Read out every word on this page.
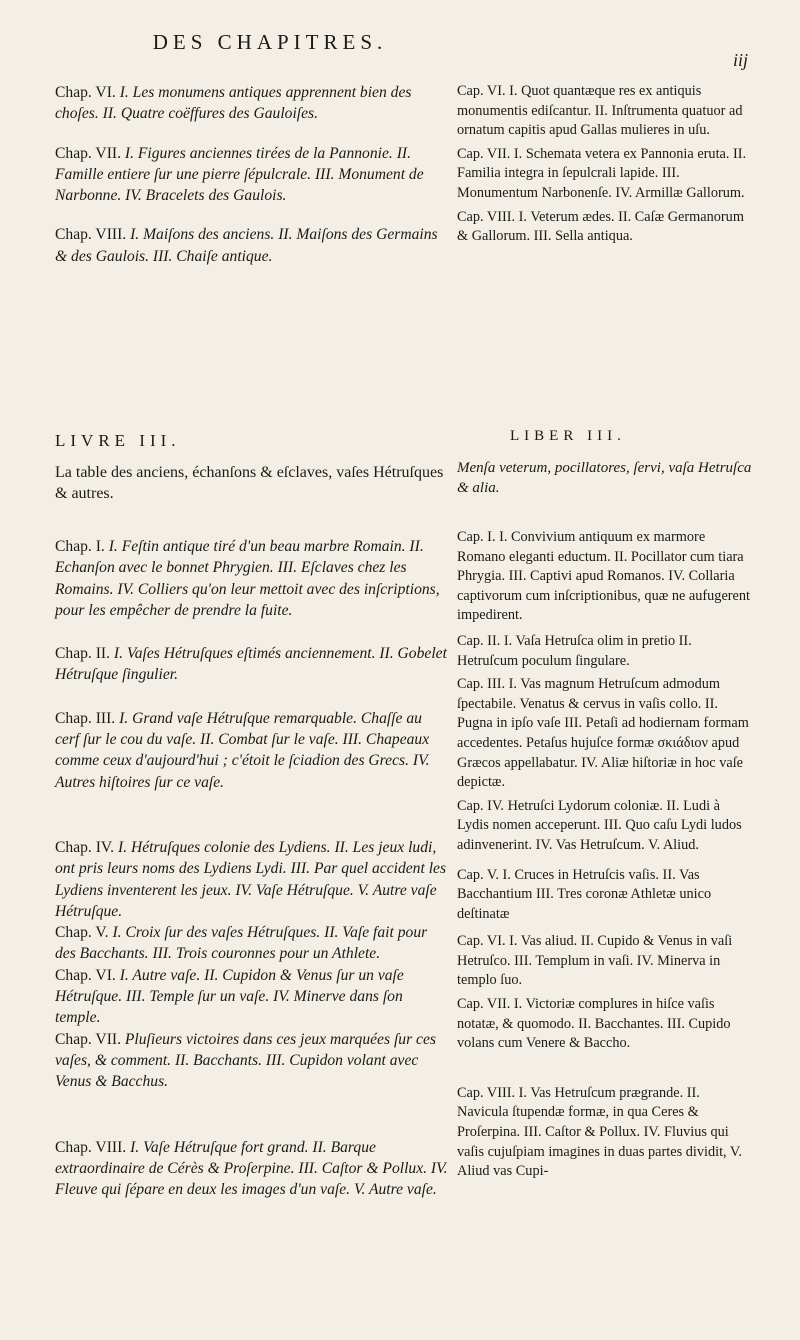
DES CHAPITRES.
iij

Chap. VI. I. Les monumens antiques apprennent bien des choſes. II. Quatre coëffures des Gauloiſes.

Chap. VII. I. Figures anciennes tirées de la Pannonie. II. Famille entiere ſur une pierre ſépulcrale. III. Monument de Narbonne. IV. Bracelets des Gaulois.

Chap. VIII. I. Maiſons des anciens. II. Maiſons des Germains & des Gaulois. III. Chaiſe antique.

Cap. VI. I. Quot quantæque res ex antiquis monumentis ediſcantur. II. Inſtrumenta quatuor ad ornatum capitis apud Gallas mulieres in uſu.

Cap. VII. I. Schemata vetera ex Pannonia eruta. II. Familia integra in ſepulcrali lapide. III. Monumentum Narbonenſe. IV. Armillæ Gallorum.

Cap. VIII. I. Veterum ædes. II. Caſæ Germanorum & Gallorum. III. Sella antiqua.

LIVRE III.	LIBER III.
La table des anciens, échanſons & eſclaves, vaſes Hétruſques & autres.
Menſa veterum, pocillatores, ſervi, vaſa Hetruſca & alia.

Chap. I. I. Feſtin antique tiré d'un beau marbre Romain. II. Echanſon avec le bonnet Phrygien. III. Eſclaves chez les Romains. IV. Colliers qu'on leur mettoit avec des inſcriptions, pour les empêcher de prendre la fuite.

Chap. II. I. Vaſes Hétruſques eſtimés anciennement. II. Gobelet Hétruſque ſingulier.

Chap. III. I. Grand vaſe Hétruſque remarquable. Chaſſe au cerf ſur le cou du vaſe. II. Combat ſur le vaſe. III. Chapeaux comme ceux d'aujourd'hui ; c'étoit le ſciadion des Grecs. IV. Autres hiſtoires ſur ce vaſe.

Chap. IV. I. Hétruſques colonie des Lydiens. II. Les jeux ludi, ont pris leurs noms des Lydiens Lydi. III. Par quel accident les Lydiens inventerent les jeux. IV. Vaſe Hétruſque. V. Autre vaſe Hétruſque.

Chap. V. I. Croix ſur des vaſes Hétruſques. II. Vaſe fait pour des Bacchants. III. Trois couronnes pour un Athlete.

Chap. VI. I. Autre vaſe. II. Cupidon & Venus ſur un vaſe Hétruſque. III. Temple ſur un vaſe. IV. Minerve dans ſon temple.

Chap. VII. Pluſieurs victoires dans ces jeux marquées ſur ces vaſes, & comment. II. Bacchants. III. Cupidon volant avec Venus & Bacchus.

Chap. VIII. I. Vaſe Hétruſque fort grand. II. Barque extraordinaire de Cérès & Proſerpine. III. Caſtor & Pollux. IV. Fleuve qui ſépare en deux les images d'un vaſe. V. Autre vaſe.

Cap. I. I. Convivium antiquum ex marmore Romano eleganti eductum. II. Pocillator cum tiara Phrygia. III. Captivi apud Romanos. IV. Collaria captivorum cum inſcriptionibus, quæ ne aufugerent impedirent.

Cap. II. I. Vaſa Hetruſca olim in pretio II. Hetruſcum poculum ſingulare.

Cap. III. I. Vas magnum Hetruſcum admodum ſpectabile. Venatus & cervus in vaſis collo. II. Pugna in ipſo vaſe III. Petaſi ad hodiernam formam accedentes. Petaſus hujuſce formæ σκιάδιον apud Græcos appellabatur. IV. Aliæ hiſtoriæ in hoc vaſe depictæ.

Cap. IV. Hetruſci Lydorum coloniæ. II. Ludi à Lydis nomen acceperunt. III. Quo caſu Lydi ludos adinvenerint. IV. Vas Hetruſcum. V. Aliud.

Cap. V. I. Cruces in Hetruſcis vaſis. II. Vas Bacchantium III. Tres coronæ Athletæ unico deſtinatæ

Cap. VI. I. Vas aliud. II. Cupido & Venus in vaſi Hetruſco. III. Templum in vaſi. IV. Minerva in templo ſuo.

Cap. VII. I. Victoriæ complures in hiſce vaſis notatæ, & quomodo. II. Bacchantes. III. Cupido volans cum Venere & Baccho.

Cap. VIII. I. Vas Hetruſcum prægrande. II. Navicula ſtupendæ formæ, in qua Ceres & Proſerpina. III. Caſtor & Pollux. IV. Fluvius qui vaſis cujuſpiam imagines in duas partes dividit, V. Aliud vas Cupi-
